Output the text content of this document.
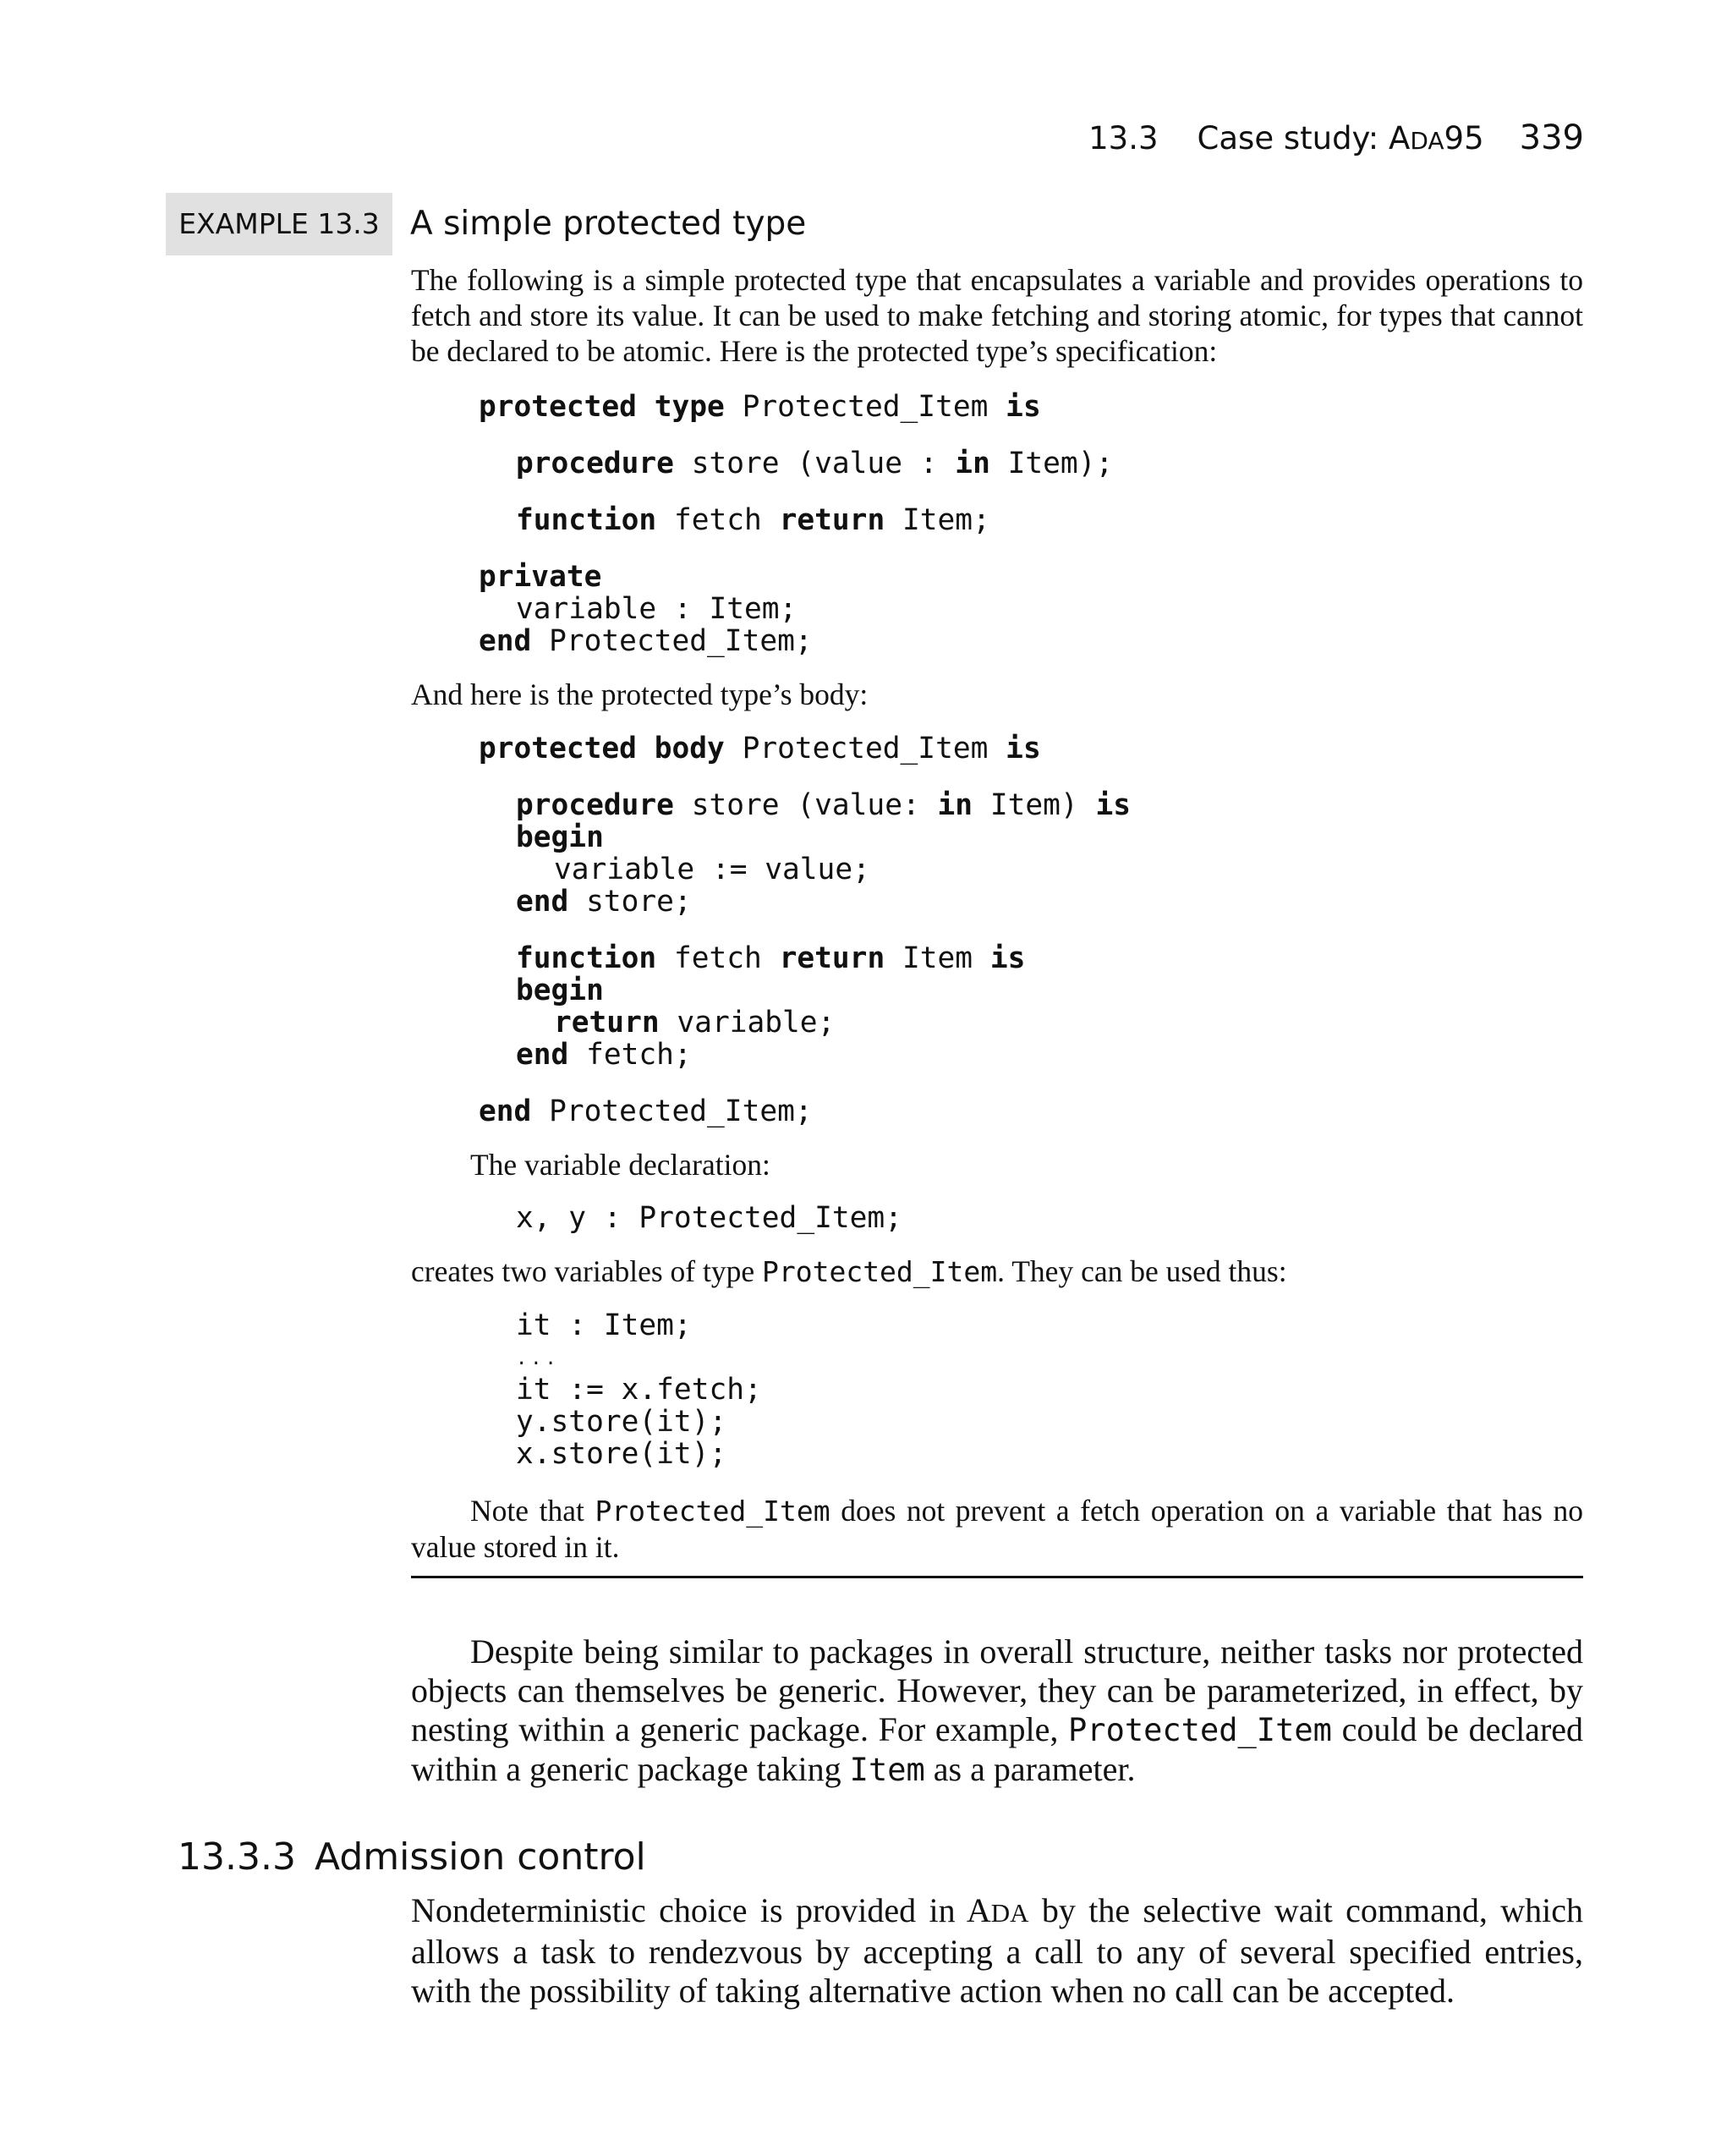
13.3 Case study: ADA95 339
EXAMPLE 13.3 A simple protected type
The following is a simple protected type that encapsulates a variable and provides operations to fetch and store its value. It can be used to make fetching and storing atomic, for types that cannot be declared to be atomic. Here is the protected type’s specification:
protected type Protected_Item is
procedure store (value : in Item);
function fetch return Item;
private
variable : Item;
end Protected_Item;
And here is the protected type’s body:
protected body Protected_Item is
procedure store (value: in Item) is
begin
variable := value;
end store;
function fetch return Item is
begin
return variable;
end fetch;
end Protected_Item;
The variable declaration:
x, y : Protected_Item;
creates two variables of type Protected_Item. They can be used thus:
it : Item;
...
it := x.fetch;
y.store(it);
x.store(it);
Note that Protected_Item does not prevent a fetch operation on a variable that has no value stored in it.
Despite being similar to packages in overall structure, neither tasks nor protected objects can themselves be generic. However, they can be parameterized, in effect, by nesting within a generic package. For example, Protected_Item could be declared within a generic package taking Item as a parameter.
13.3.3 Admission control
Nondeterministic choice is provided in ADA by the selective wait command, which allows a task to rendezvous by accepting a call to any of several specified entries, with the possibility of taking alternative action when no call can be accepted.
